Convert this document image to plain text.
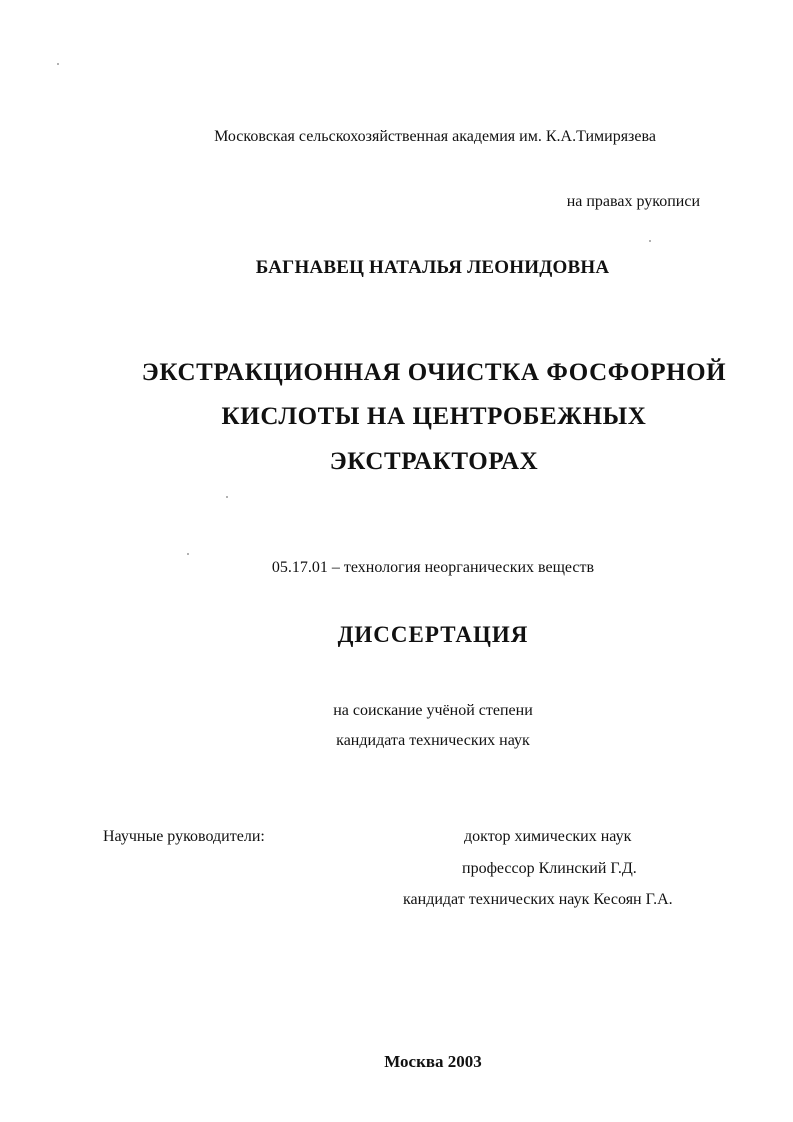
Московская сельскохозяйственная академия им. К.А.Тимирязева
на правах рукописи
БАГНАВЕЦ НАТАЛЬЯ ЛЕОНИДОВНА
ЭКСТРАКЦИОННАЯ ОЧИСТКА ФОСФОРНОЙ
КИСЛОТЫ НА ЦЕНТРОБЕЖНЫХ
ЭКСТРАКТОРАХ
05.17.01 – технология неорганических веществ
ДИССЕРТАЦИЯ
на соискание учёной степени
кандидата технических наук
Научные руководители:	доктор химических наук
профессор Клинский Г.Д.
кандидат технических наук Кесоян Г.А.
Москва 2003
